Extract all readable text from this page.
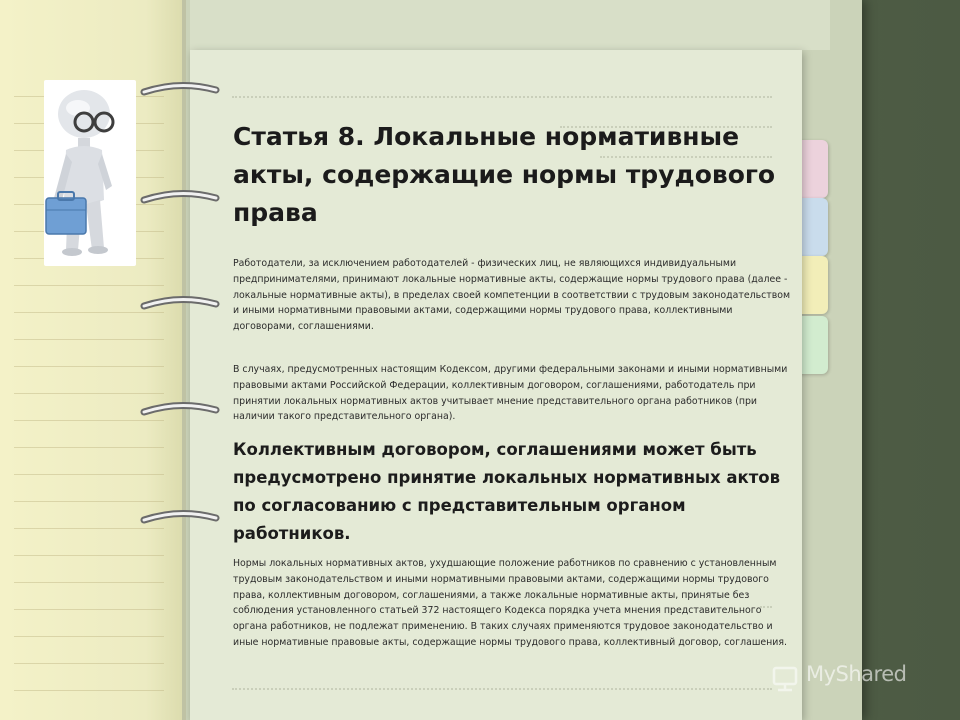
Статья 8. Локальные нормативные акты, содержащие нормы трудового права

Работодатели, за исключением работодателей - физических лиц, не являющихся индивидуальными предпринимателями, принимают локальные нормативные акты, содержащие нормы трудового права (далее - локальные нормативные акты), в пределах своей компетенции в соответствии с трудовым законодательством и иными нормативными правовыми актами, содержащими нормы трудового права, коллективными договорами, соглашениями.

В случаях, предусмотренных настоящим Кодексом, другими федеральными законами и иными нормативными правовыми актами Российской Федерации, коллективным договором, соглашениями, работодатель при принятии локальных нормативных актов учитывает мнение представительного органа работников (при наличии такого представительного органа).

Коллективным договором, соглашениями может быть предусмотрено принятие локальных нормативных актов по согласованию с представительным органом работников.

Нормы локальных нормативных актов, ухудшающие положение работников по сравнению с установленным трудовым законодательством и иными нормативными правовыми актами, содержащими нормы трудового права, коллективным договором, соглашениями, а также локальные нормативные акты, принятые без соблюдения установленного статьей 372 настоящего Кодекса порядка учета мнения представительного органа работников, не подлежат применению. В таких случаях применяются трудовое законодательство и иные нормативные правовые акты, содержащие нормы трудового права, коллективный договор, соглашения.

MyShared
